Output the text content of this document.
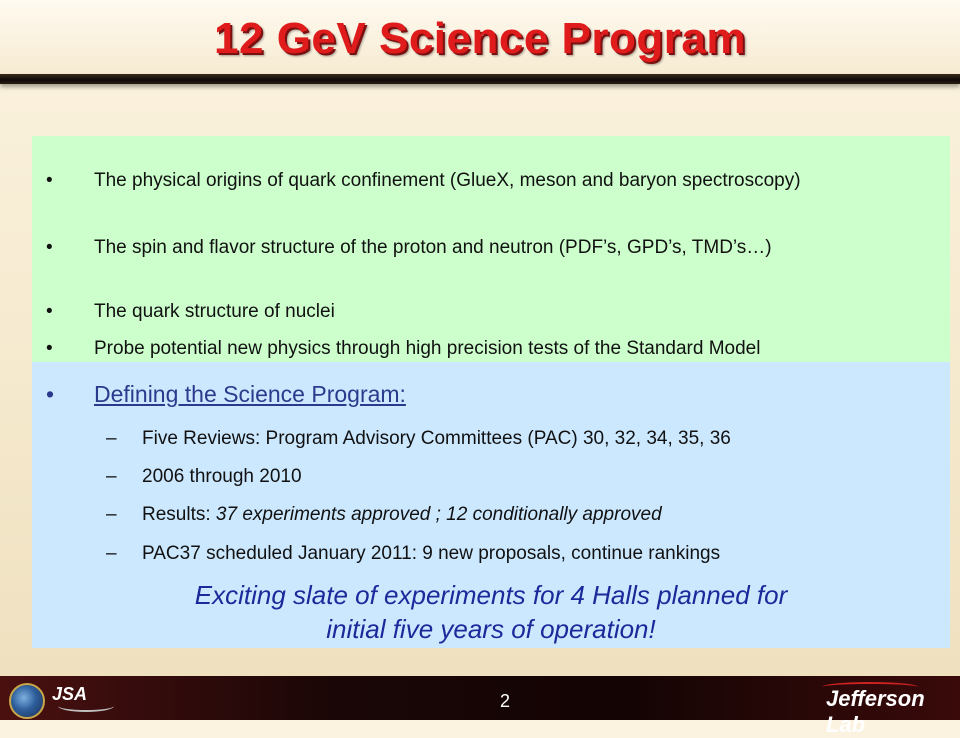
12 GeV Science Program
• The physical origins of quark confinement (GlueX, meson and baryon spectroscopy)
• The spin and flavor structure of the proton and neutron (PDF’s, GPD’s, TMD’s…)
• The quark structure of nuclei
• Probe potential new physics through high precision tests of the Standard Model
• Defining the Science Program:
– Five Reviews: Program Advisory Committees (PAC) 30, 32, 34, 35, 36
– 2006 through 2010
– Results: 37 experiments approved ; 12 conditionally approved
– PAC37 scheduled January 2011: 9 new proposals, continue rankings
Exciting slate of experiments for 4 Halls planned for
initial five years of operation!
JSA	2	Jefferson Lab
